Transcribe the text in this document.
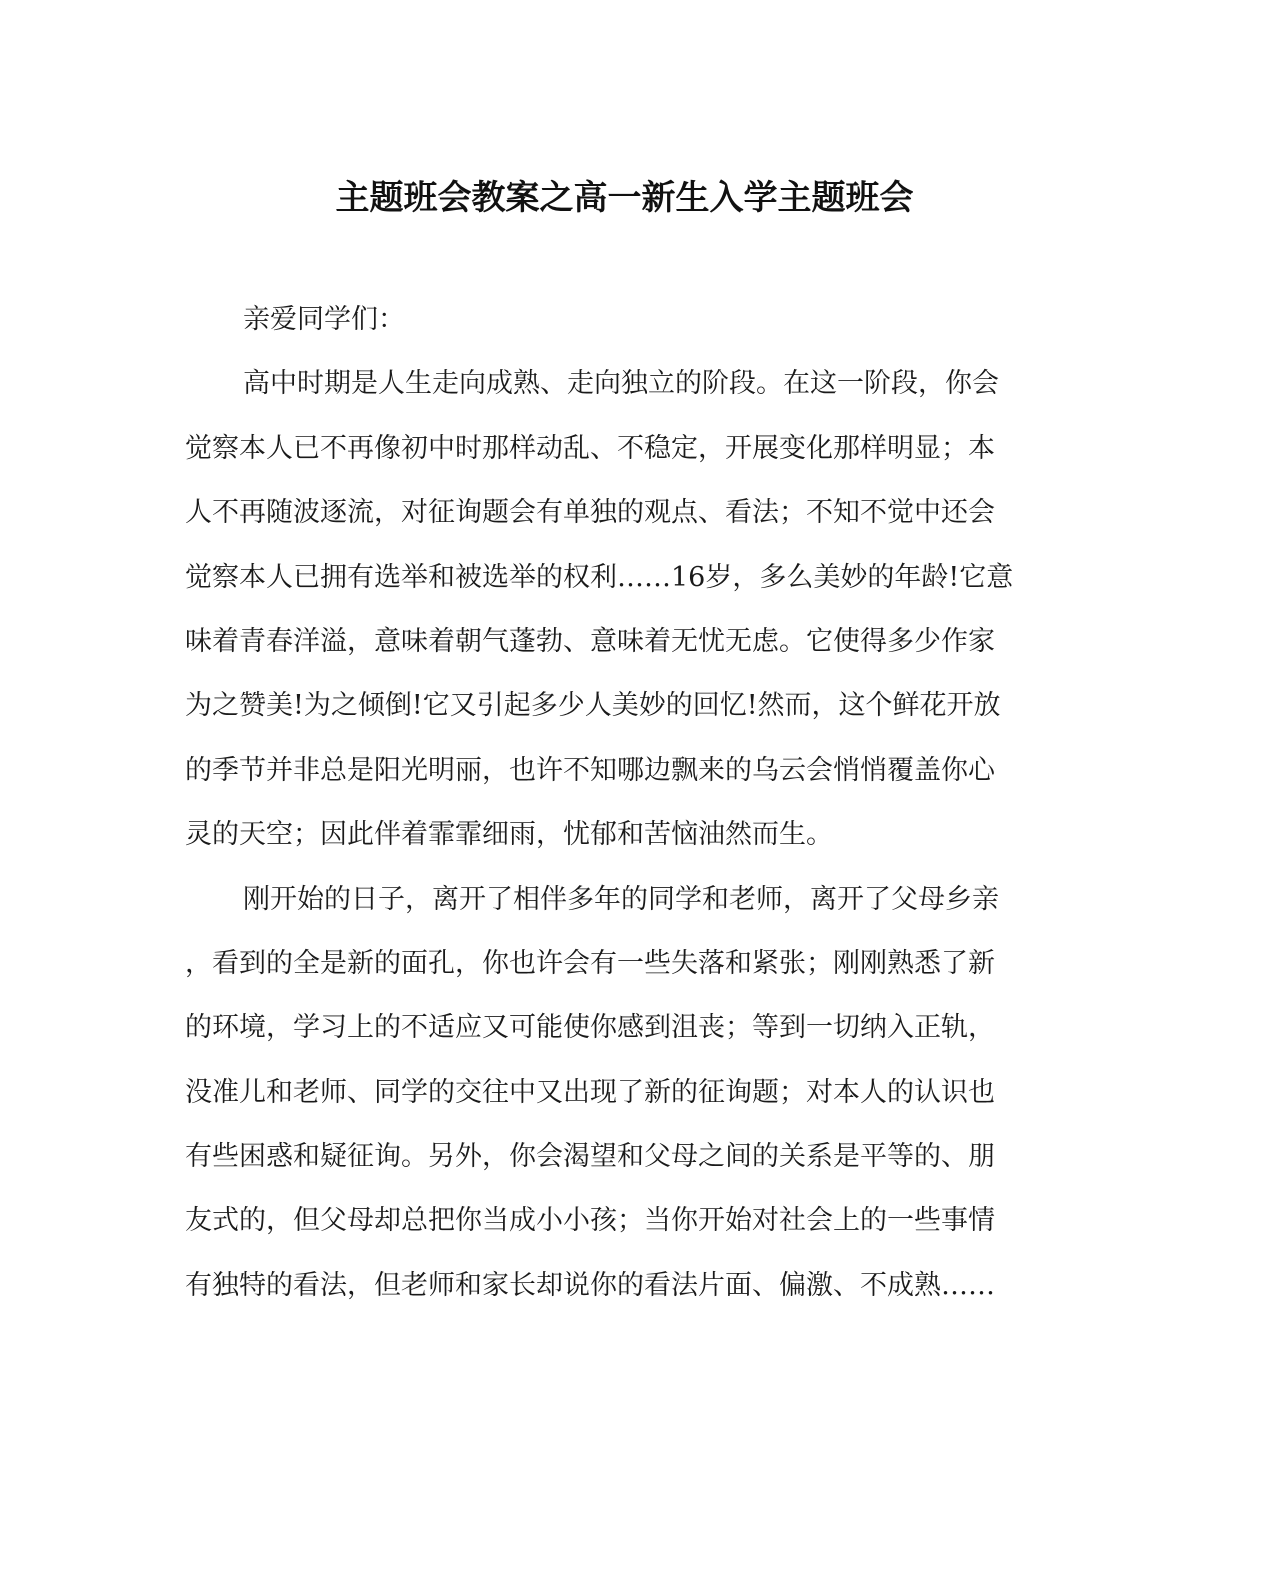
主题班会教案之高一新生入学主题班会
亲爱同学们：
高中时期是人生走向成熟、走向独立的阶段。在这一阶段，你会
觉察本人已不再像初中时那样动乱、不稳定，开展变化那样明显；本
人不再随波逐流，对征询题会有单独的观点、看法；不知不觉中还会
觉察本人已拥有选举和被选举的权利……16岁，多么美妙的年龄!它意
味着青春洋溢，意味着朝气蓬勃、意味着无忧无虑。它使得多少作家
为之赞美!为之倾倒!它又引起多少人美妙的回忆!然而，这个鲜花开放
的季节并非总是阳光明丽，也许不知哪边飘来的乌云会悄悄覆盖你心
灵的天空；因此伴着霏霏细雨，忧郁和苦恼油然而生。
刚开始的日子，离开了相伴多年的同学和老师，离开了父母乡亲
，看到的全是新的面孔，你也许会有一些失落和紧张；刚刚熟悉了新
的环境，学习上的不适应又可能使你感到沮丧；等到一切纳入正轨，
没准儿和老师、同学的交往中又出现了新的征询题；对本人的认识也
有些困惑和疑征询。另外，你会渴望和父母之间的关系是平等的、朋
友式的，但父母却总把你当成小小孩；当你开始对社会上的一些事情
有独特的看法，但老师和家长却说你的看法片面、偏激、不成熟……
